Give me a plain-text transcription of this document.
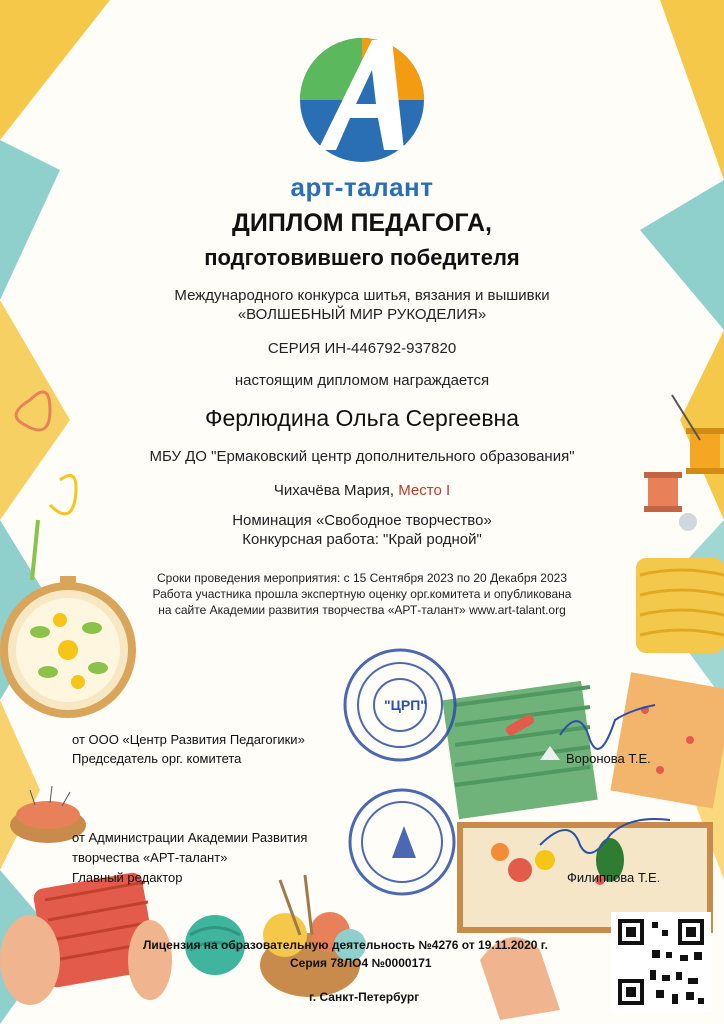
арт-талант
ДИПЛОМ ПЕДАГОГА,
подготовившего победителя
Международного конкурса шитья, вязания и вышивки
«ВОЛШЕБНЫЙ МИР РУКОДЕЛИЯ»
СЕРИЯ ИН-446792-937820
настоящим дипломом награждается
Ферлюдина Ольга Сергеевна
МБУ ДО "Ермаковский центр дополнительного образования"
Чихачёва Мария, Место I
Номинация «Свободное творчество»
Конкурсная работа: "Край родной"
Сроки проведения мероприятия: с 15 Сентября 2023 по 20 Декабря 2023
Работа участника прошла экспертную оценку орг.комитета и опубликована
на сайте Академии развития творчества «АРТ-талант» www.art-talant.org
"ЦРП"
от ООО «Центр Развития Педагогики»
Председатель орг. комитета	Воронова Т.Е.
от Администрации Академии Развития
творчества «АРТ-талант»
Главный редактор	Филиппова Т.Е.
Лицензия на образовательную деятельность №4276 от 19.11.2020 г.
Серия 78ЛО4 №0000171
г. Санкт-Петербург
